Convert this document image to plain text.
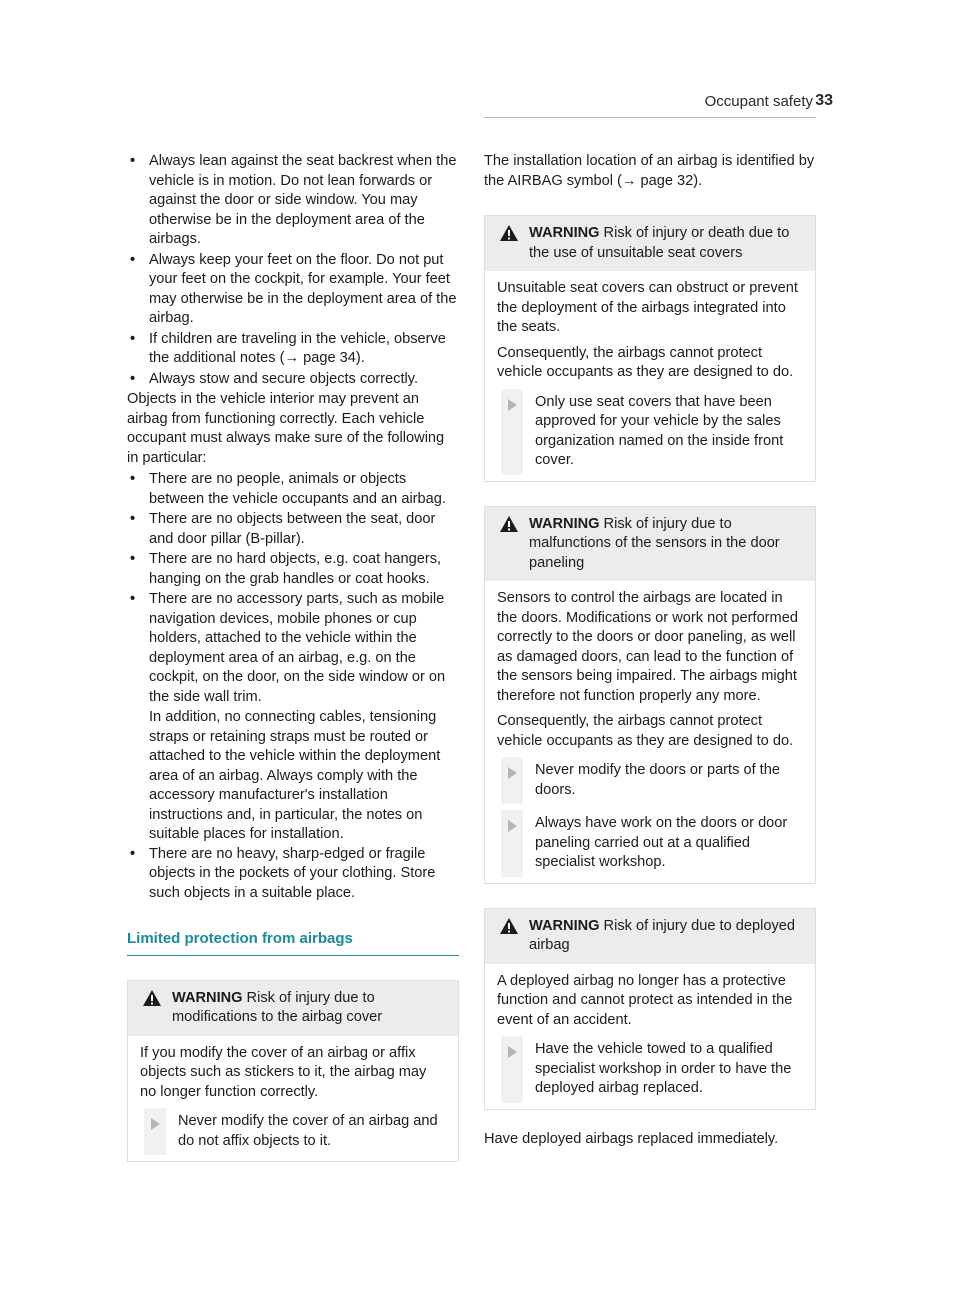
Occupant safety 33
• Always lean against the seat backrest when the vehicle is in motion. Do not lean forwards or against the door or side window. You may otherwise be in the deployment area of the airbags.
• Always keep your feet on the floor. Do not put your feet on the cockpit, for example. Your feet may otherwise be in the deployment area of the airbag.
• If children are traveling in the vehicle, observe the additional notes (→ page 34).
• Always stow and secure objects correctly.

Objects in the vehicle interior may prevent an airbag from functioning correctly. Each vehicle occupant must always make sure of the following in particular:

• There are no people, animals or objects between the vehicle occupants and an airbag.
• There are no objects between the seat, door and door pillar (B-pillar).
• There are no hard objects, e.g. coat hangers, hanging on the grab handles or coat hooks.
• There are no accessory parts, such as mobile navigation devices, mobile phones or cup holders, attached to the vehicle within the deployment area of an airbag, e.g. on the cockpit, on the door, on the side window or on the side wall trim.
In addition, no connecting cables, tensioning straps or retaining straps must be routed or attached to the vehicle within the deployment area of an airbag. Always comply with the accessory manufacturer's installation instructions and, in particular, the notes on suitable places for installation.
• There are no heavy, sharp-edged or fragile objects in the pockets of your clothing. Store such objects in a suitable place.
Limited protection from airbags
WARNING Risk of injury due to modifications to the airbag cover

If you modify the cover of an airbag or affix objects such as stickers to it, the airbag may no longer function correctly.

Never modify the cover of an airbag and do not affix objects to it.

The installation location of an airbag is identified by the AIRBAG symbol (→ page 32).

WARNING Risk of injury or death due to the use of unsuitable seat covers

Unsuitable seat covers can obstruct or prevent the deployment of the airbags integrated into the seats.

Consequently, the airbags cannot protect vehicle occupants as they are designed to do.

Only use seat covers that have been approved for your vehicle by the sales organization named on the inside front cover.
WARNING Risk of injury due to malfunctions of the sensors in the door paneling

Sensors to control the airbags are located in the doors. Modifications or work not performed correctly to the doors or door paneling, as well as damaged doors, can lead to the function of the sensors being impaired. The airbags might therefore not function properly any more.

Consequently, the airbags cannot protect vehicle occupants as they are designed to do.

Never modify the doors or parts of the doors.
Always have work on the doors or door paneling carried out at a qualified specialist workshop.
WARNING Risk of injury due to deployed airbag

A deployed airbag no longer has a protective function and cannot protect as intended in the event of an accident.

Have the vehicle towed to a qualified specialist workshop in order to have the deployed airbag replaced.

Have deployed airbags replaced immediately.
